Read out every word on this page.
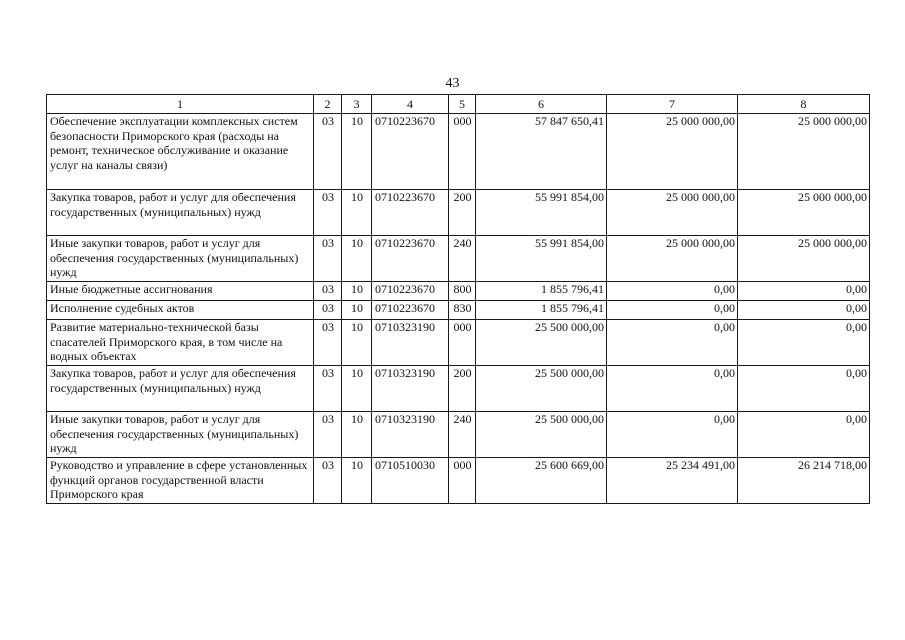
43
1	2	3	4	5	6	7	8
Обеспечение эксплуатации комплексных систем безопасности Приморского края (расходы на ремонт, техническое обслуживание и оказание услуг на каналы связи)	03	10	0710223670	000	57 847 650,41	25 000 000,00	25 000 000,00
Закупка товаров, работ и услуг для обеспечения государственных (муниципальных) нужд	03	10	0710223670	200	55 991 854,00	25 000 000,00	25 000 000,00
Иные закупки товаров, работ и услуг для обеспечения государственных (муниципальных) нужд	03	10	0710223670	240	55 991 854,00	25 000 000,00	25 000 000,00
Иные бюджетные ассигнования	03	10	0710223670	800	1 855 796,41	0,00	0,00
Исполнение судебных актов	03	10	0710223670	830	1 855 796,41	0,00	0,00
Развитие материально-технической базы спасателей Приморского края, в том числе на водных объектах	03	10	0710323190	000	25 500 000,00	0,00	0,00
Закупка товаров, работ и услуг для обеспечения государственных (муниципальных) нужд	03	10	0710323190	200	25 500 000,00	0,00	0,00
Иные закупки товаров, работ и услуг для обеспечения государственных (муниципальных) нужд	03	10	0710323190	240	25 500 000,00	0,00	0,00
Руководство и управление в сфере установленных функций органов государственной власти Приморского края	03	10	0710510030	000	25 600 669,00	25 234 491,00	26 214 718,00
